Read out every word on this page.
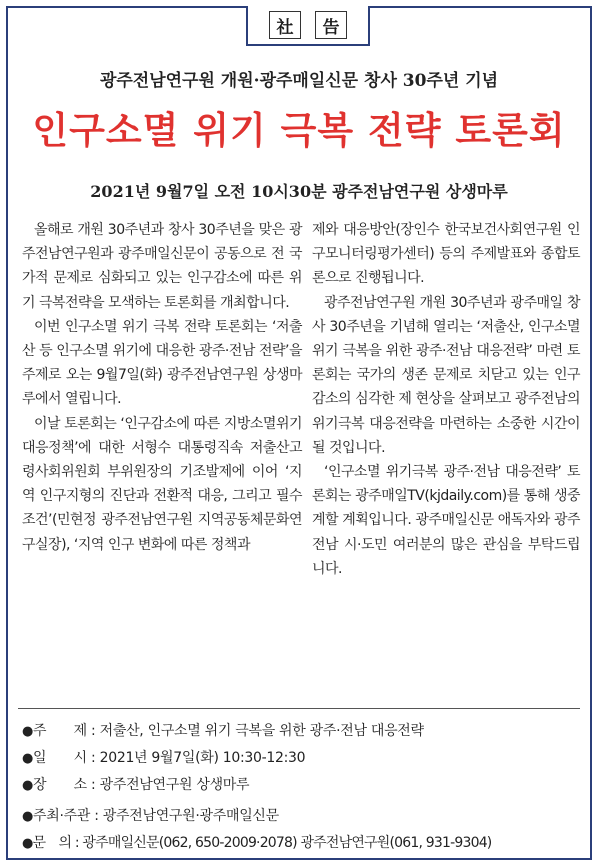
社	告
광주전남연구원 개원·광주매일신문 창사 30주년 기념
인구소멸 위기 극복 전략 토론회
2021년 9월7일 오전 10시30분 광주전남연구원 상생마루

올해로 개원 30주년과 창사 30주년을 맞은 광주전남연구원과 광주매일신문이 공동으로 전 국가적 문제로 심화되고 있는 인구감소에 따른 위기 극복전략을 모색하는 토론회를 개최합니다.

이번 인구소멸 위기 극복 전략 토론회는 ‘저출산 등 인구소멸 위기에 대응한 광주·전남 전략’을 주제로 오는 9월7일(화) 광주전남연구원 상생마루에서 열립니다.

이날 토론회는 ‘인구감소에 따른 지방소멸위기 대응정책’에 대한 서형수 대통령직속 저출산고령사회위원회 부위원장의 기조발제에 이어 ‘지역 인구지형의 진단과 전환적 대응, 그리고 필수조건’(민현정 광주전남연구원 지역공동체문화연구실장), ‘지역 인구 변화에 따른 정책과

제와 대응방안(장인수 한국보건사회연구원 인구모니터링평가센터) 등의 주제발표와 종합토론으로 진행됩니다.

광주전남연구원 개원 30주년과 광주매일 창사 30주년을 기념해 열리는 ‘저출산, 인구소멸 위기 극복을 위한 광주·전남 대응전략’ 마련 토론회는 국가의 생존 문제로 치닫고 있는 인구 감소의 심각한 제 현상을 살펴보고 광주전남의 위기극복 대응전략을 마련하는 소중한 시간이 될 것입니다.

‘인구소멸 위기극복 광주·전남 대응전략’ 토론회는 광주매일TV(kjdaily.com)를 통해 생중계할 계획입니다. 광주매일신문 애독자와 광주전남 시·도민 여러분의 많은 관심을 부탁드립니다.

●주　　제 : 저출산, 인구소멸 위기 극복을 위한 광주·전남 대응전략
●일　　시 : 2021년 9월7일(화) 10:30-12:30
●장　　소 : 광주전남연구원 상생마루
●주최·주관 : 광주전남연구원·광주매일신문
●문　의 : 광주매일신문(062, 650-2009·2078) 광주전남연구원(061, 931-9304)
